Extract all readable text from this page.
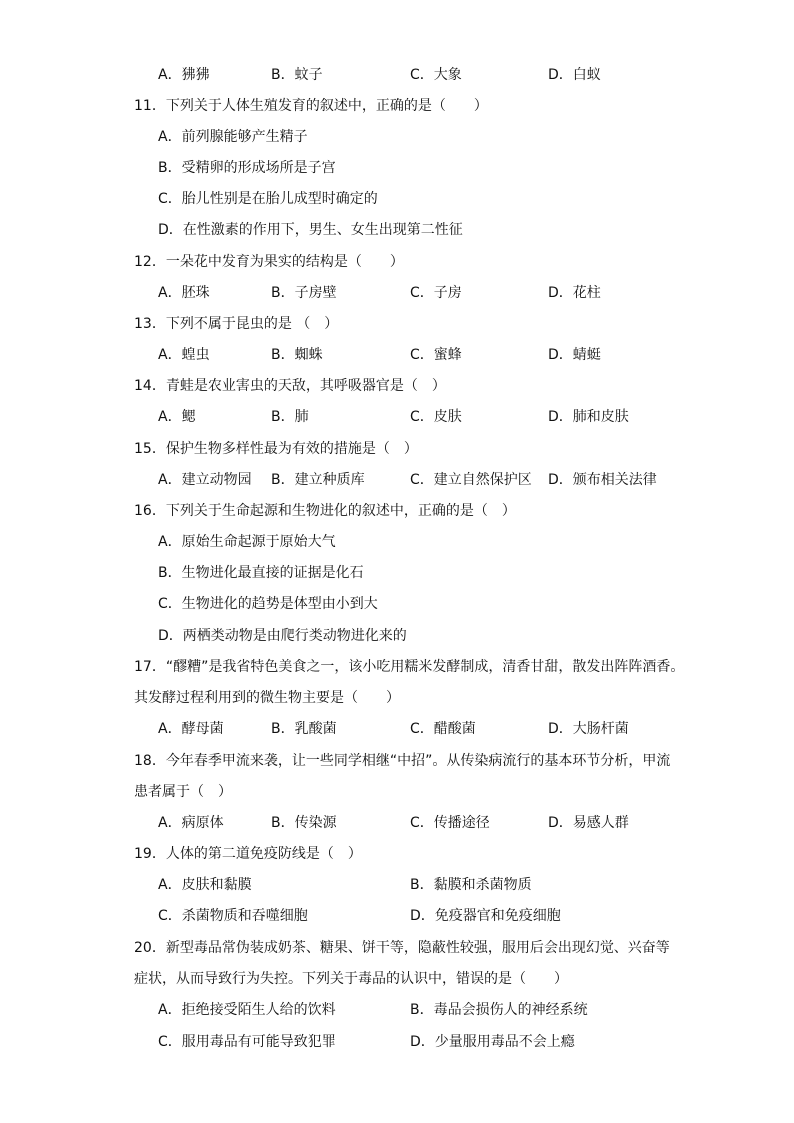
A．狒狒	B．蚊子	C．大象	D．白蚁
11．下列关于人体生殖发育的叙述中，正确的是（　　）
A．前列腺能够产生精子
B．受精卵的形成场所是子宫
C．胎儿性别是在胎儿成型时确定的
D．在性激素的作用下，男生、女生出现第二性征
12．一朵花中发育为果实的结构是（　　）
A．胚珠	B．子房壁	C．子房	D．花柱
13．下列不属于昆虫的是 （　）
A．蝗虫	B．蜘蛛	C．蜜蜂	D．蜻蜓
14．青蛙是农业害虫的天敌，其呼吸器官是（　）
A．鳃	B．肺	C．皮肤	D．肺和皮肤
15．保护生物多样性最为有效的措施是（　）
A．建立动物园 B．建立种质库	C．建立自然保护区 D．颁布相关法律
16．下列关于生命起源和生物进化的叙述中，正确的是（　）
A．原始生命起源于原始大气
B．生物进化最直接的证据是化石
C．生物进化的趋势是体型由小到大
D．两栖类动物是由爬行类动物进化来的
17．“醪糟”是我省特色美食之一，该小吃用糯米发酵制成，清香甘甜，散发出阵阵酒香。
其发酵过程利用到的微生物主要是（　　）
A．酵母菌	B．乳酸菌	C．醋酸菌	D．大肠杆菌
18．今年春季甲流来袭，让一些同学相继“中招”。从传染病流行的基本环节分析，甲流
患者属于（　）
A．病原体	B．传染源	C．传播途径	D．易感人群
19．人体的第二道免疫防线是（　）
A．皮肤和黏膜	B．黏膜和杀菌物质
C．杀菌物质和吞噬细胞	D．免疫器官和免疫细胞
20．新型毒品常伪装成奶茶、糖果、饼干等，隐蔽性较强，服用后会出现幻觉、兴奋等
症状，从而导致行为失控。下列关于毒品的认识中，错误的是（　　）
A．拒绝接受陌生人给的饮料	B．毒品会损伤人的神经系统
C．服用毒品有可能导致犯罪	D．少量服用毒品不会上瘾
